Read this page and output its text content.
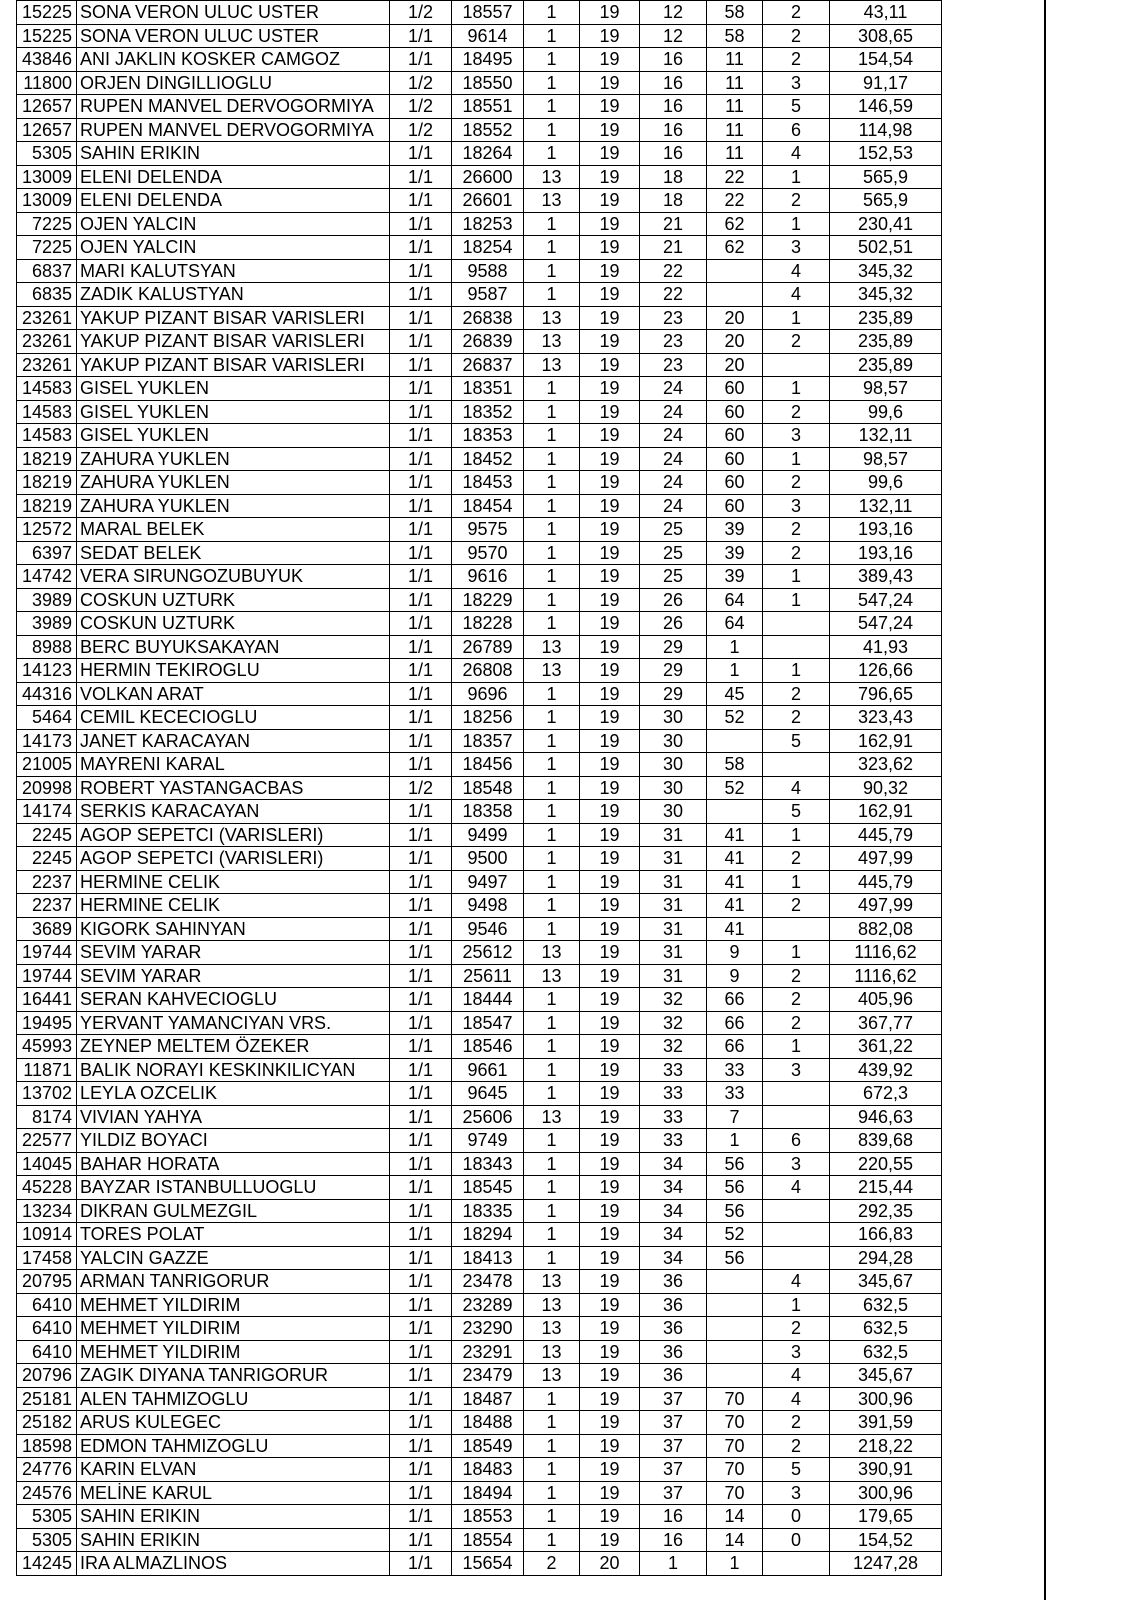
15225	SONA VERON ULUC USTER	1/2	18557	1	19	12	58	2	43,11	
15225	SONA VERON ULUC USTER	1/1	9614	1	19	12	58	2	308,65	
43846	ANI JAKLIN KOSKER CAMGOZ	1/1	18495	1	19	16	11	2	154,54	
11800	ORJEN DINGILLIOGLU	1/2	18550	1	19	16	11	3	91,17	
12657	RUPEN MANVEL DERVOGORMIYA	1/2	18551	1	19	16	11	5	146,59	
12657	RUPEN MANVEL DERVOGORMIYA	1/2	18552	1	19	16	11	6	114,98	
5305	SAHIN ERIKIN	1/1	18264	1	19	16	11	4	152,53	
13009	ELENI DELENDA	1/1	26600	13	19	18	22	1	565,9	
13009	ELENI DELENDA	1/1	26601	13	19	18	22	2	565,9	
7225	OJEN YALCIN	1/1	18253	1	19	21	62	1	230,41	
7225	OJEN YALCIN	1/1	18254	1	19	21	62	3	502,51	
6837	MARI KALUTSYAN	1/1	9588	1	19	22		4	345,32	
6835	ZADIK KALUSTYAN	1/1	9587	1	19	22		4	345,32	
23261	YAKUP PIZANT BISAR VARISLERI	1/1	26838	13	19	23	20	1	235,89	
23261	YAKUP PIZANT BISAR VARISLERI	1/1	26839	13	19	23	20	2	235,89	
23261	YAKUP PIZANT BISAR VARISLERI	1/1	26837	13	19	23	20		235,89	
14583	GISEL YUKLEN	1/1	18351	1	19	24	60	1	98,57	
14583	GISEL YUKLEN	1/1	18352	1	19	24	60	2	99,6	
14583	GISEL YUKLEN	1/1	18353	1	19	24	60	3	132,11	
18219	ZAHURA YUKLEN	1/1	18452	1	19	24	60	1	98,57	
18219	ZAHURA YUKLEN	1/1	18453	1	19	24	60	2	99,6	
18219	ZAHURA YUKLEN	1/1	18454	1	19	24	60	3	132,11	
12572	MARAL BELEK	1/1	9575	1	19	25	39	2	193,16	
6397	SEDAT BELEK	1/1	9570	1	19	25	39	2	193,16	
14742	VERA SIRUNGOZUBUYUK	1/1	9616	1	19	25	39	1	389,43	
3989	COSKUN UZTURK	1/1	18229	1	19	26	64	1	547,24	
3989	COSKUN UZTURK	1/1	18228	1	19	26	64		547,24	
8988	BERC BUYUKSAKAYAN	1/1	26789	13	19	29	1		41,93	
14123	HERMIN TEKIROGLU	1/1	26808	13	19	29	1	1	126,66	
44316	VOLKAN ARAT	1/1	9696	1	19	29	45	2	796,65	
5464	CEMIL KECECIOGLU	1/1	18256	1	19	30	52	2	323,43	
14173	JANET KARACAYAN	1/1	18357	1	19	30		5	162,91	
21005	MAYRENI KARAL	1/1	18456	1	19	30	58		323,62	
20998	ROBERT YASTANGACBAS	1/2	18548	1	19	30	52	4	90,32	
14174	SERKIS KARACAYAN	1/1	18358	1	19	30		5	162,91	
2245	AGOP SEPETCI (VARISLERI)	1/1	9499	1	19	31	41	1	445,79	
2245	AGOP SEPETCI (VARISLERI)	1/1	9500	1	19	31	41	2	497,99	
2237	HERMINE CELIK	1/1	9497	1	19	31	41	1	445,79	
2237	HERMINE CELIK	1/1	9498	1	19	31	41	2	497,99	
3689	KIGORK SAHINYAN	1/1	9546	1	19	31	41		882,08	
19744	SEVIM YARAR	1/1	25612	13	19	31	9	1	1116,62	
19744	SEVIM YARAR	1/1	25611	13	19	31	9	2	1116,62	
16441	SERAN KAHVECIOGLU	1/1	18444	1	19	32	66	2	405,96	
19495	YERVANT YAMANCIYAN VRS.	1/1	18547	1	19	32	66	2	367,77	
45993	ZEYNEP MELTEM ÖZEKER	1/1	18546	1	19	32	66	1	361,22	
11871	BALIK NORAYI KESKINKILICYAN	1/1	9661	1	19	33	33	3	439,92	
13702	LEYLA OZCELIK	1/1	9645	1	19	33	33		672,3	
8174	VIVIAN YAHYA	1/1	25606	13	19	33	7		946,63	
22577	YILDIZ BOYACI	1/1	9749	1	19	33	1	6	839,68	
14045	BAHAR HORATA	1/1	18343	1	19	34	56	3	220,55	
45228	BAYZAR ISTANBULLUOGLU	1/1	18545	1	19	34	56	4	215,44	
13234	DIKRAN GULMEZGIL	1/1	18335	1	19	34	56		292,35	
10914	TORES POLAT	1/1	18294	1	19	34	52		166,83	
17458	YALCIN GAZZE	1/1	18413	1	19	34	56		294,28	
20795	ARMAN TANRIGORUR	1/1	23478	13	19	36		4	345,67	
6410	MEHMET YILDIRIM	1/1	23289	13	19	36		1	632,5	
6410	MEHMET YILDIRIM	1/1	23290	13	19	36		2	632,5	
6410	MEHMET YILDIRIM	1/1	23291	13	19	36		3	632,5	
20796	ZAGIK DIYANA TANRIGORUR	1/1	23479	13	19	36		4	345,67	
25181	ALEN TAHMIZOGLU	1/1	18487	1	19	37	70	4	300,96	
25182	ARUS KULEGEC	1/1	18488	1	19	37	70	2	391,59	
18598	EDMON TAHMIZOGLU	1/1	18549	1	19	37	70	2	218,22	
24776	KARIN ELVAN	1/1	18483	1	19	37	70	5	390,91	
24576	MELİNE KARUL	1/1	18494	1	19	37	70	3	300,96	
5305	SAHIN ERIKIN	1/1	18553	1	19	16	14	0	179,65	
5305	SAHIN ERIKIN	1/1	18554	1	19	16	14	0	154,52	
14245	IRA ALMAZLINOS	1/1	15654	2	20	1	1		1247,28	
